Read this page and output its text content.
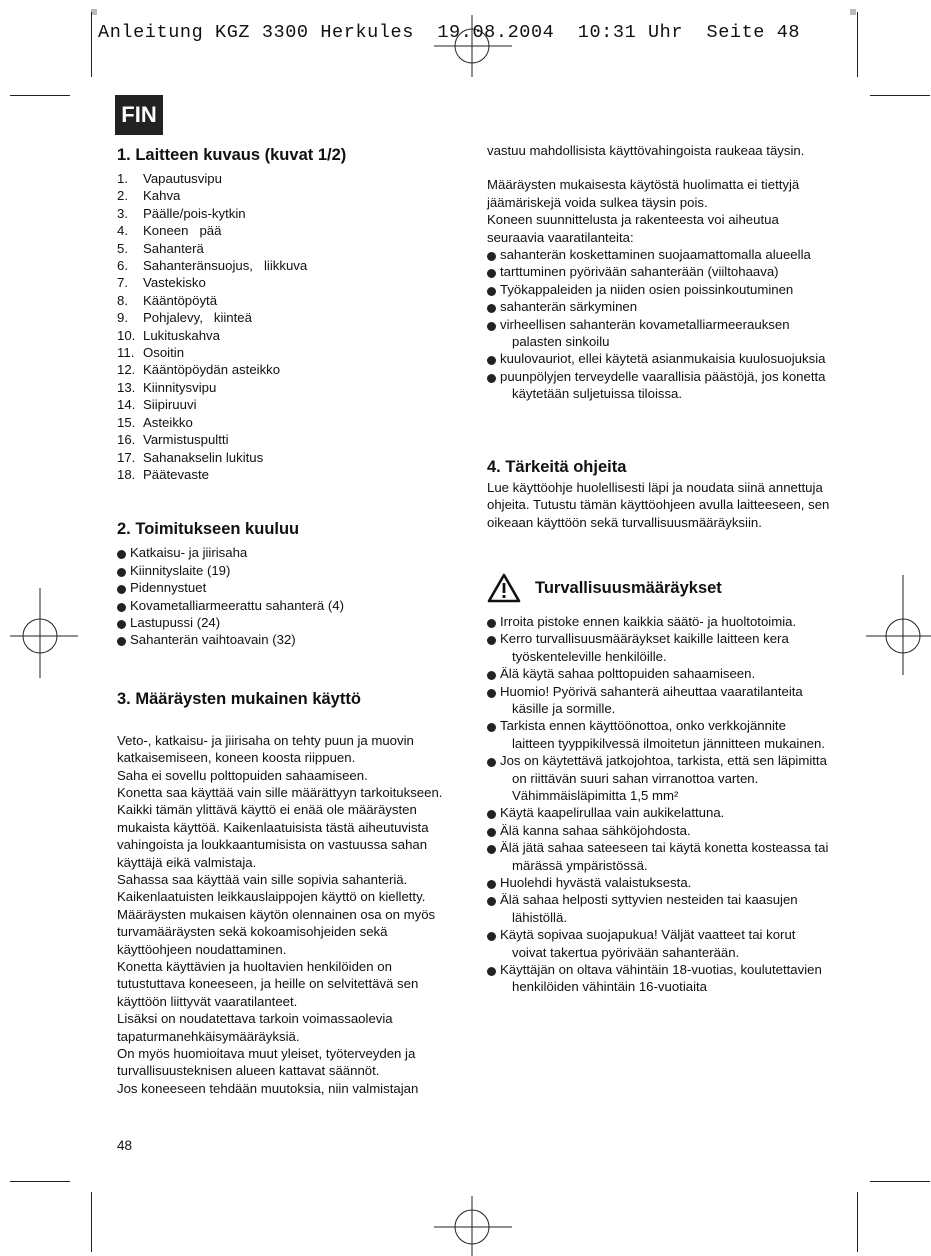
Anleitung KGZ 3300 Herkules  19.08.2004  10:31 Uhr  Seite 48
FIN
1. Laitteen kuvaus (kuvat 1/2)
1.	Vapautusvipu
2.	Kahva
3.	Päälle/pois-kytkin
4.	Koneen   pää
5.	Sahanterä
6.	Sahanteränsuojus,   liikkuva
7.	Vastekisko
8.	Kääntöpöytä
9.	Pohjalevy,   kiinteä
10. Lukituskahva
11. Osoitin
12. Kääntöpöydän asteikko
13. Kiinnitysvipu
14. Siipiruuvi
15. Asteikko
16. Varmistuspultti
17. Sahanakselin lukitus
18. Päätevaste
2. Toimitukseen kuuluu
Katkaisu- ja jiirisaha
Kiinnityslaite (19)
Pidennystuet
Kovametalliarmeerattu sahanterä (4)
Lastupussi (24)
Sahanterän vaihtoavain (32)
3. Määräysten mukainen käyttö

Veto-, katkaisu- ja jiirisaha on tehty puun ja muovin katkaisemiseen, koneen koosta riippuen.

Saha ei sovellu polttopuiden sahaamiseen.

Konetta saa käyttää vain sille määrättyyn tarkoitukseen.

Kaikki tämän ylittävä käyttö ei enää ole määräysten mukaista käyttöä. Kaikenlaatuisista tästä aiheutuvista vahingoista ja loukkaantumisista on vastuussa sahan käyttäjä eikä valmistaja.

Sahassa saa käyttää vain sille sopivia sahanteriä. Kaikenlaatuisten leikkauslaippojen käyttö on kielletty. Määräysten mukaisen käytön olennainen osa on myös turvamääräysten sekä kokoamisohjeiden sekä käyttöohjeen noudattaminen.

Konetta käyttävien ja huoltavien henkilöiden on tutustuttava koneeseen, ja heille on selvitettävä sen käyttöön liittyvät vaaratilanteet.

Lisäksi on noudatettava tarkoin voimassaolevia tapaturmanehkäisymääräyksiä.

On myös huomioitava muut yleiset, työterveyden ja turvallisuusteknisen alueen kattavat säännöt.

Jos koneeseen tehdään muutoksia, niin valmistajan

vastuu mahdollisista käyttövahingoista raukeaa täysin.

Määräysten mukaisesta käytöstä huolimatta ei tiettyjä jäämäriskejä voida sulkea täysin pois.

Koneen suunnittelusta ja rakenteesta voi aiheutua seuraavia vaaratilanteita:

sahanterän koskettaminen suojaamattomalla alueella
tarttuminen pyörivään sahanterään (viiltohaava)
Työkappaleiden ja niiden osien poissinkoutuminen
sahanterän särkyminen
virheellisen sahanterän kovametalliarmeerauksen palasten sinkoilu
kuulovauriot, ellei käytetä asianmukaisia kuulosuojuksia
puunpölyjen terveydelle vaarallisia päästöjä, jos konetta käytetään suljetuissa tiloissa.
4. Tärkeitä ohjeita

Lue käyttöohje huolellisesti läpi ja noudata siinä annettuja ohjeita. Tutustu tämän käyttöohjeen avulla laitteeseen, sen oikeaan käyttöön sekä turvallisuusmääräyksiin.

Turvallisuusmääräykset
Irroita pistoke ennen kaikkia säätö- ja huoltotoimia.
Kerro turvallisuusmääräykset kaikille laitteen kera työskenteleville henkilöille.
Älä käytä sahaa polttopuiden sahaamiseen.
Huomio! Pyörivä sahanterä aiheuttaa vaaratilanteita käsille ja sormille.
Tarkista ennen käyttöönottoa, onko verkkojännite laitteen tyyppikilvessä ilmoitetun jännitteen mukainen.
Jos on käytettävä jatkojohtoa, tarkista, että sen läpimitta on riittävän suuri sahan virranottoa varten. Vähimmäisläpimitta 1,5 mm²
Käytä kaapelirullaa vain aukikelattuna.
Älä kanna sahaa sähköjohdosta.
Älä jätä sahaa sateeseen tai käytä konetta kosteassa tai märässä ympäristössä.
Huolehdi hyvästä valaistuksesta.
Älä sahaa helposti syttyvien nesteiden tai kaasujen lähistöllä.
Käytä sopivaa suojapukua! Väljät vaatteet tai korut voivat takertua pyörivään sahanterään.
Käyttäjän on oltava vähintäin 18-vuotias, koulutettavien henkilöiden vähintäin 16-vuotiaita
48
